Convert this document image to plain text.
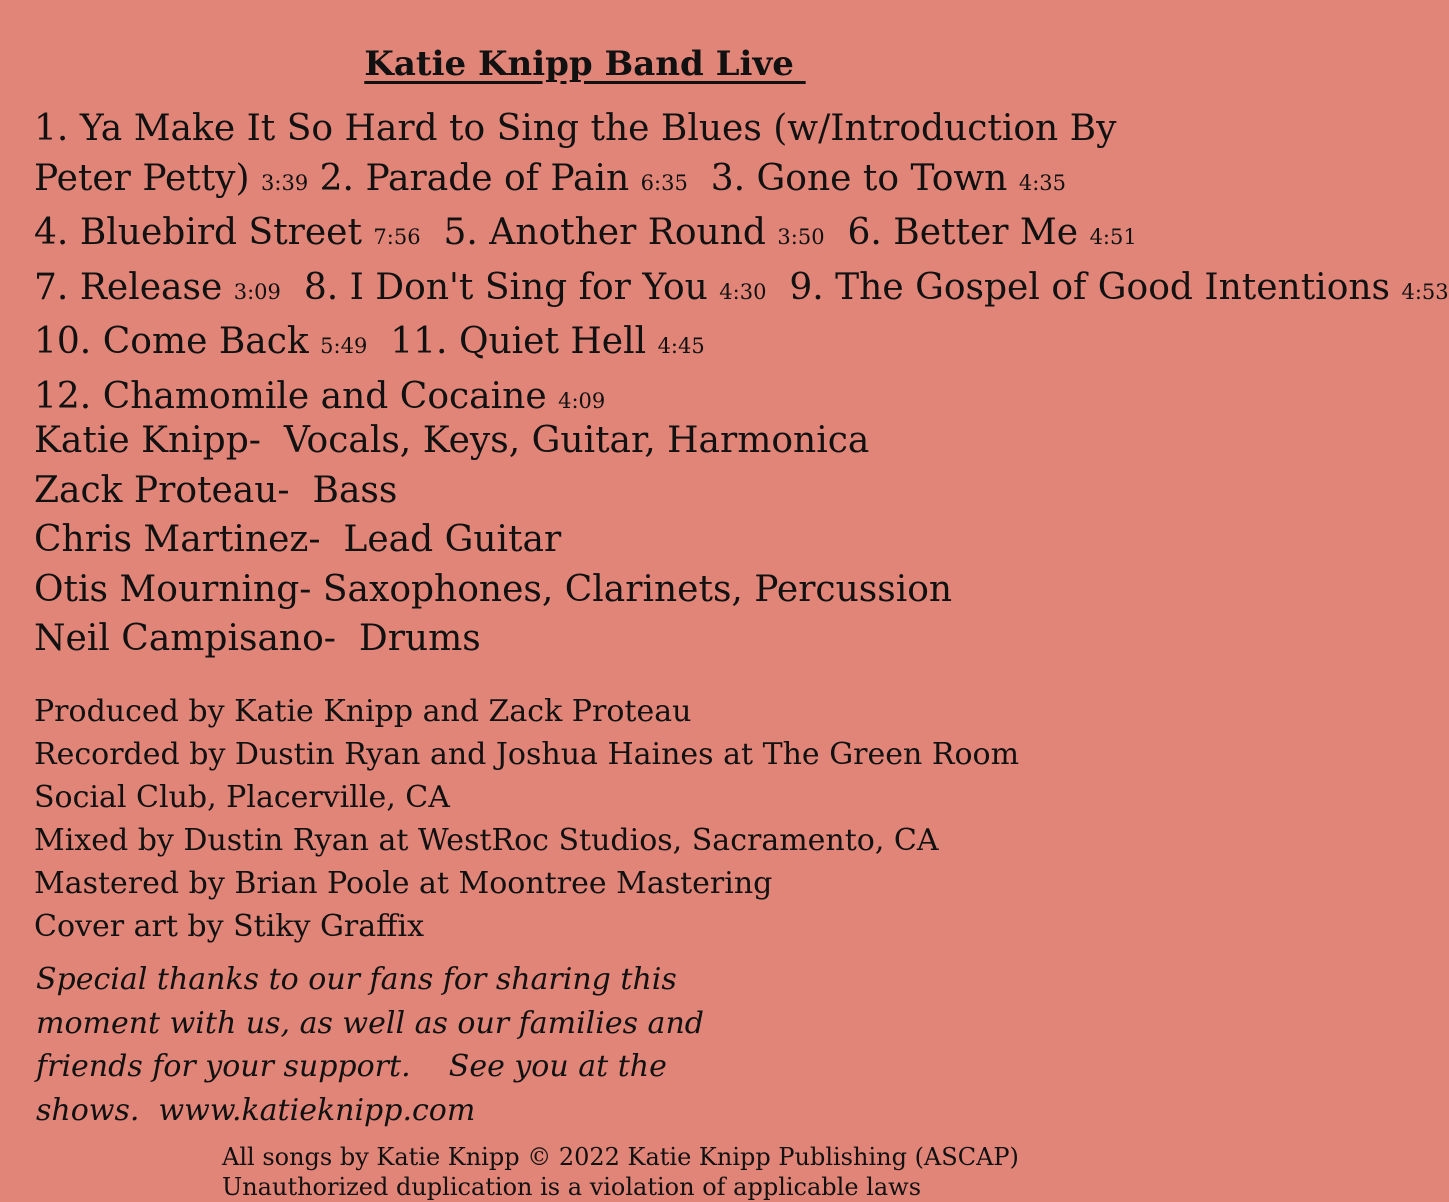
Katie Knipp Band Live
1. Ya Make It So Hard to Sing the Blues (w/Introduction By Peter Petty) 3:39 2. Parade of Pain 6:35 3. Gone to Town 4:35
4. Bluebird Street 7:56 5. Another Round 3:50 6. Better Me 4:51
7. Release 3:09 8. I Don't Sing for You 4:30 9. The Gospel of Good Intentions 4:53
10. Come Back 5:49 11. Quiet Hell 4:45
12. Chamomile and Cocaine 4:09
Katie Knipp- Vocals, Keys, Guitar, Harmonica
Zack Proteau- Bass
Chris Martinez- Lead Guitar
Otis Mourning- Saxophones, Clarinets, Percussion
Neil Campisano- Drums
Produced by Katie Knipp and Zack Proteau
Recorded by Dustin Ryan and Joshua Haines at The Green Room
Social Club, Placerville, CA
Mixed by Dustin Ryan at WestRoc Studios, Sacramento, CA
Mastered by Brian Poole at Moontree Mastering
Cover art by Stiky Graffix
Special thanks to our fans for sharing this moment with us, as well as our families and friends for your support.    See you at the shows.  www.katieknipp.com
All songs by Katie Knipp © 2022 Katie Knipp Publishing (ASCAP)
Unauthorized duplication is a violation of applicable laws
